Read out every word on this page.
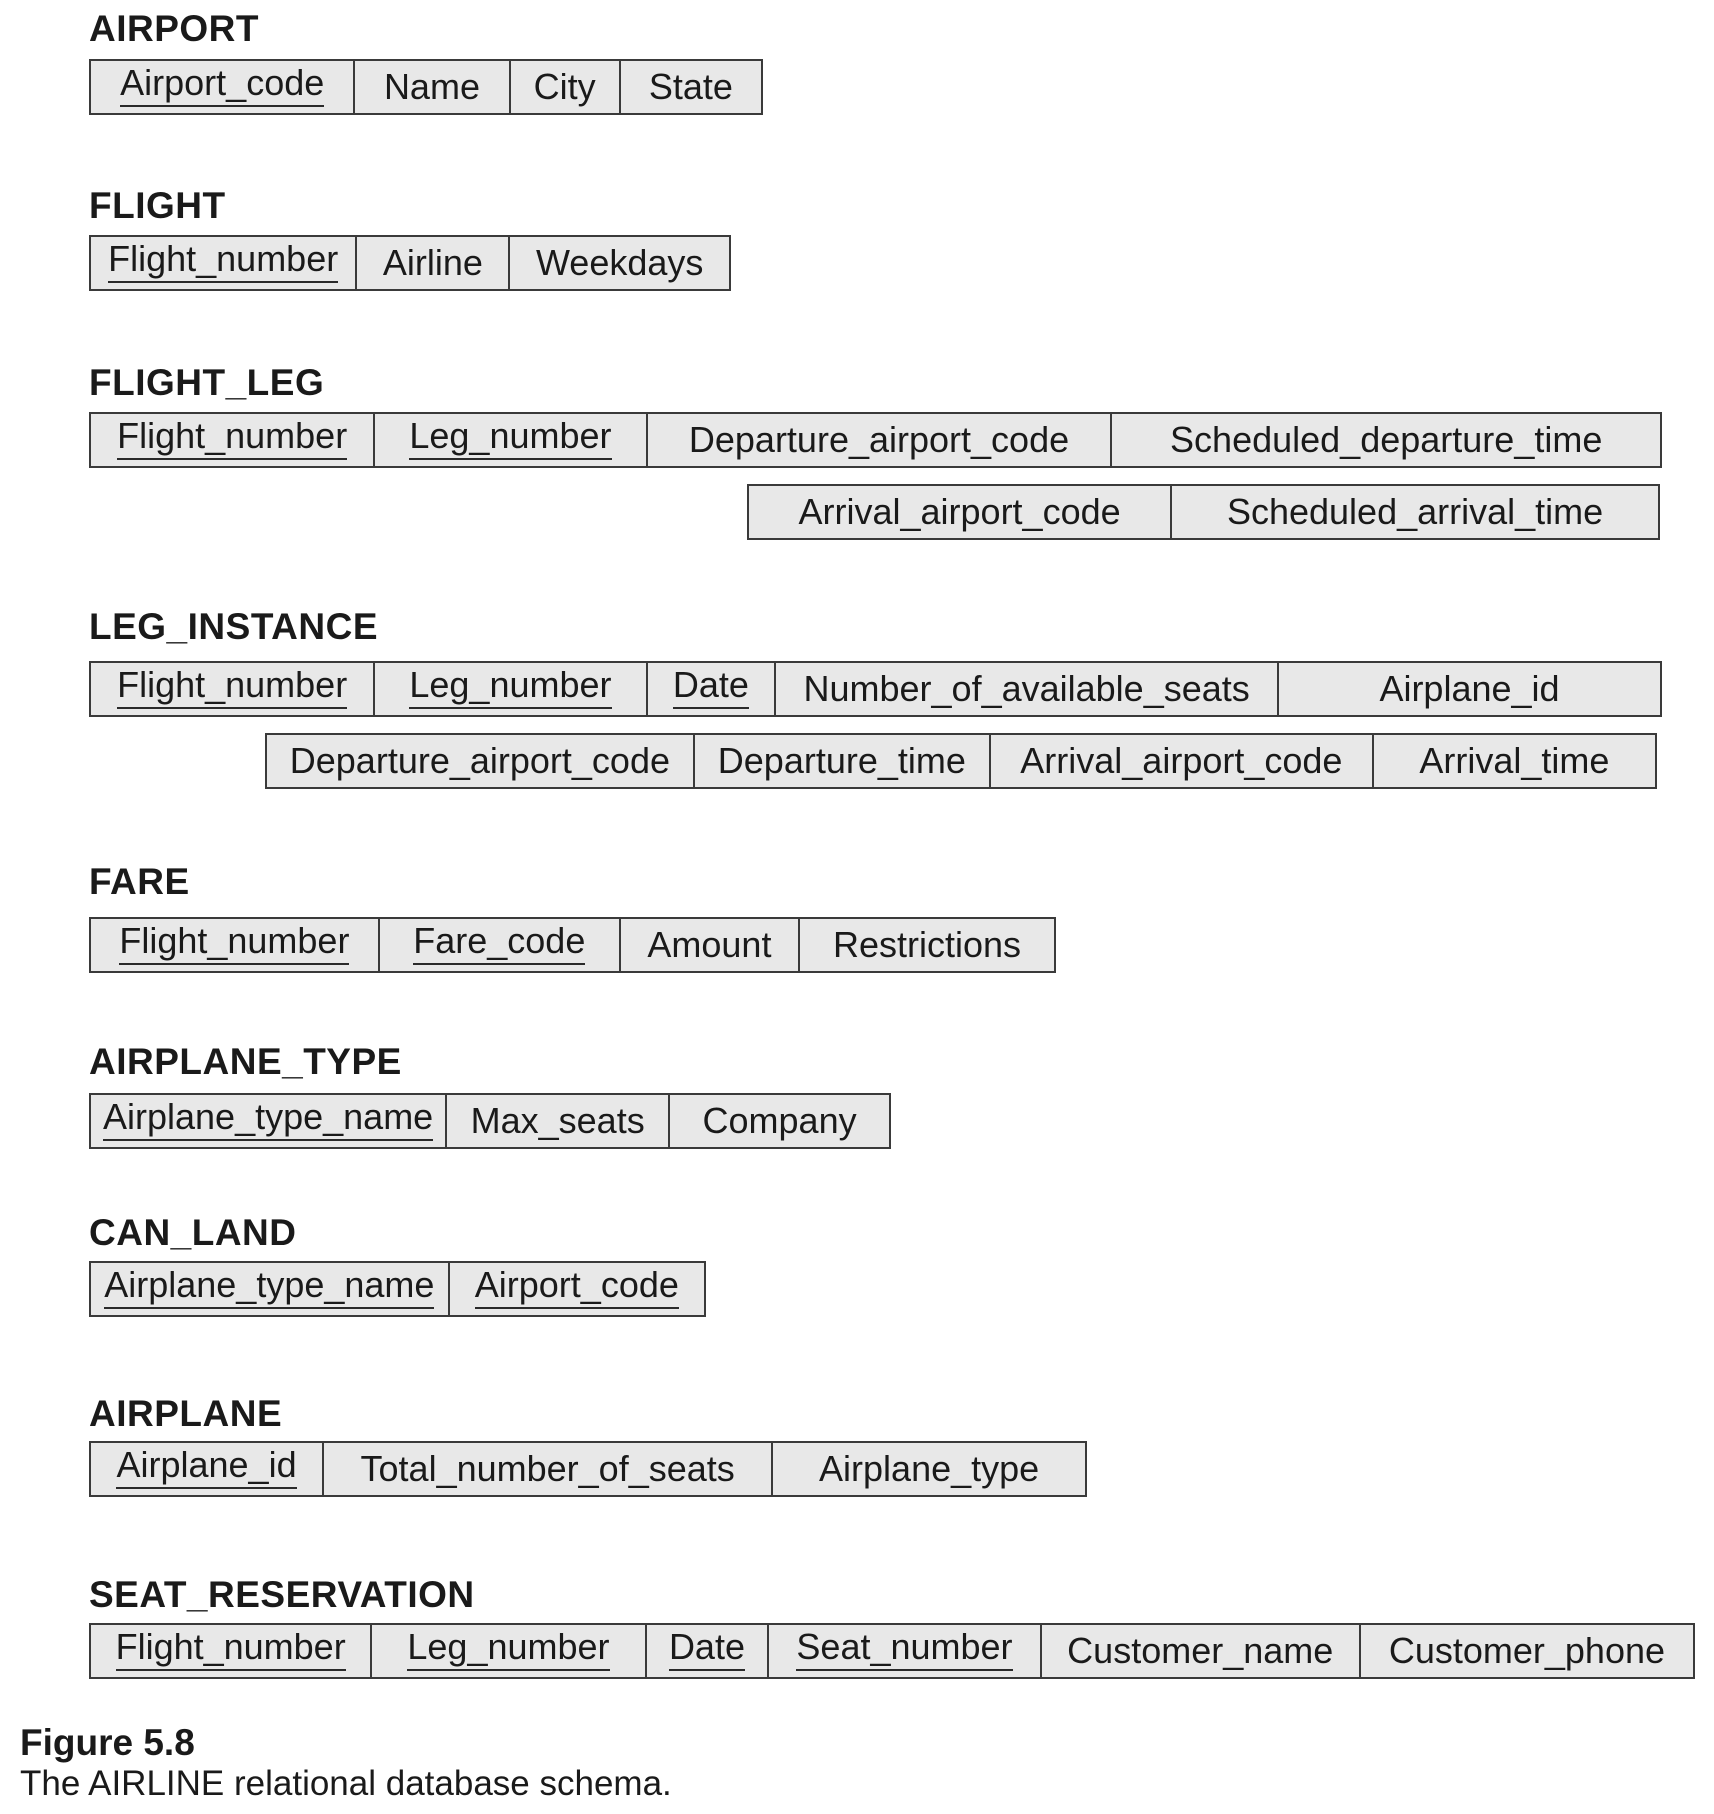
AIRPORT
Airport_code Name City State
FLIGHT
Flight_number Airline Weekdays
FLIGHT_LEG
Flight_number Leg_number Departure_airport_code	Scheduled_departure_time
Arrival_airport_code	Scheduled_arrival_time
LEG_INSTANCE
Flight_number Leg_number Date Number_of_available_seats	Airplane_id
Departure_airport_code Departure_time Arrival_airport_code Arrival_time
FARE
Flight_number Fare_code Amount Restrictions
AIRPLANE_TYPE
Airplane_type_name Max_seats Company
CAN_LAND
Airplane_type_name Airport_code
AIRPLANE
Airplane_id Total_number_of_seats Airplane_type
SEAT_RESERVATION
Flight_number Leg_number Date Seat_number Customer_name Customer_phone
Figure 5.8
The AIRLINE relational database schema.
